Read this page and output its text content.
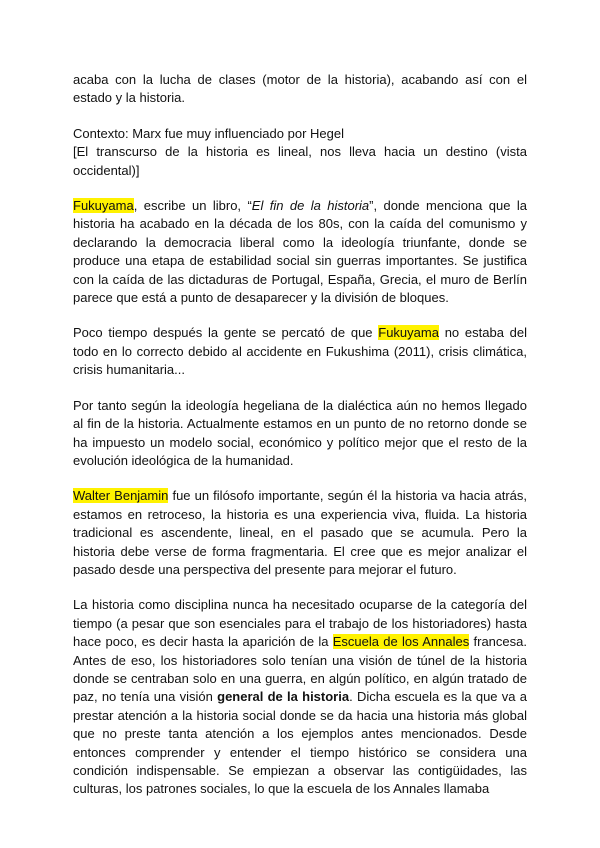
acaba con la lucha de clases (motor de la historia), acabando así con el estado y la historia.

Contexto: Marx fue muy influenciado por Hegel

[El transcurso de la historia es lineal, nos lleva hacia un destino (vista occidental)]

Fukuyama, escribe un libro, “El fin de la historia”, donde menciona que la historia ha acabado en la década de los 80s, con la caída del comunismo y declarando la democracia liberal como la ideología triunfante, donde se produce una etapa de estabilidad social sin guerras importantes. Se justifica con la caída de las dictaduras de Portugal, España, Grecia, el muro de Berlín parece que está a punto de desaparecer y la división de bloques.

Poco tiempo después la gente se percató de que Fukuyama no estaba del todo en lo correcto debido al accidente en Fukushima (2011), crisis climática, crisis humanitaria...

Por tanto según la ideología hegeliana de la dialéctica aún no hemos llegado al fin de la historia. Actualmente estamos en un punto de no retorno donde se ha impuesto un modelo social, económico y político mejor que el resto de la evolución ideológica de la humanidad.

Walter Benjamin fue un filósofo importante, según él la historia va hacia atrás, estamos en retroceso, la historia es una experiencia viva, fluida. La historia tradicional es ascendente, lineal, en el pasado que se acumula. Pero la historia debe verse de forma fragmentaria. El cree que es mejor analizar el pasado desde una perspectiva del presente para mejorar el futuro.

La historia como disciplina nunca ha necesitado ocuparse de la categoría del tiempo (a pesar que son esenciales para el trabajo de los historiadores) hasta hace poco, es decir hasta la aparición de la Escuela de los Annales francesa. Antes de eso, los historiadores solo tenían una visión de túnel de la historia donde se centraban solo en una guerra, en algún político, en algún tratado de paz, no tenía una visión general de la historia. Dicha escuela es la que va a prestar atención a la historia social donde se da hacia una historia más global que no preste tanta atención a los ejemplos antes mencionados. Desde entonces comprender y entender el tiempo histórico se considera una condición indispensable. Se empiezan a observar las contigüidades, las culturas, los patrones sociales, lo que la escuela de los Annales llamaba
